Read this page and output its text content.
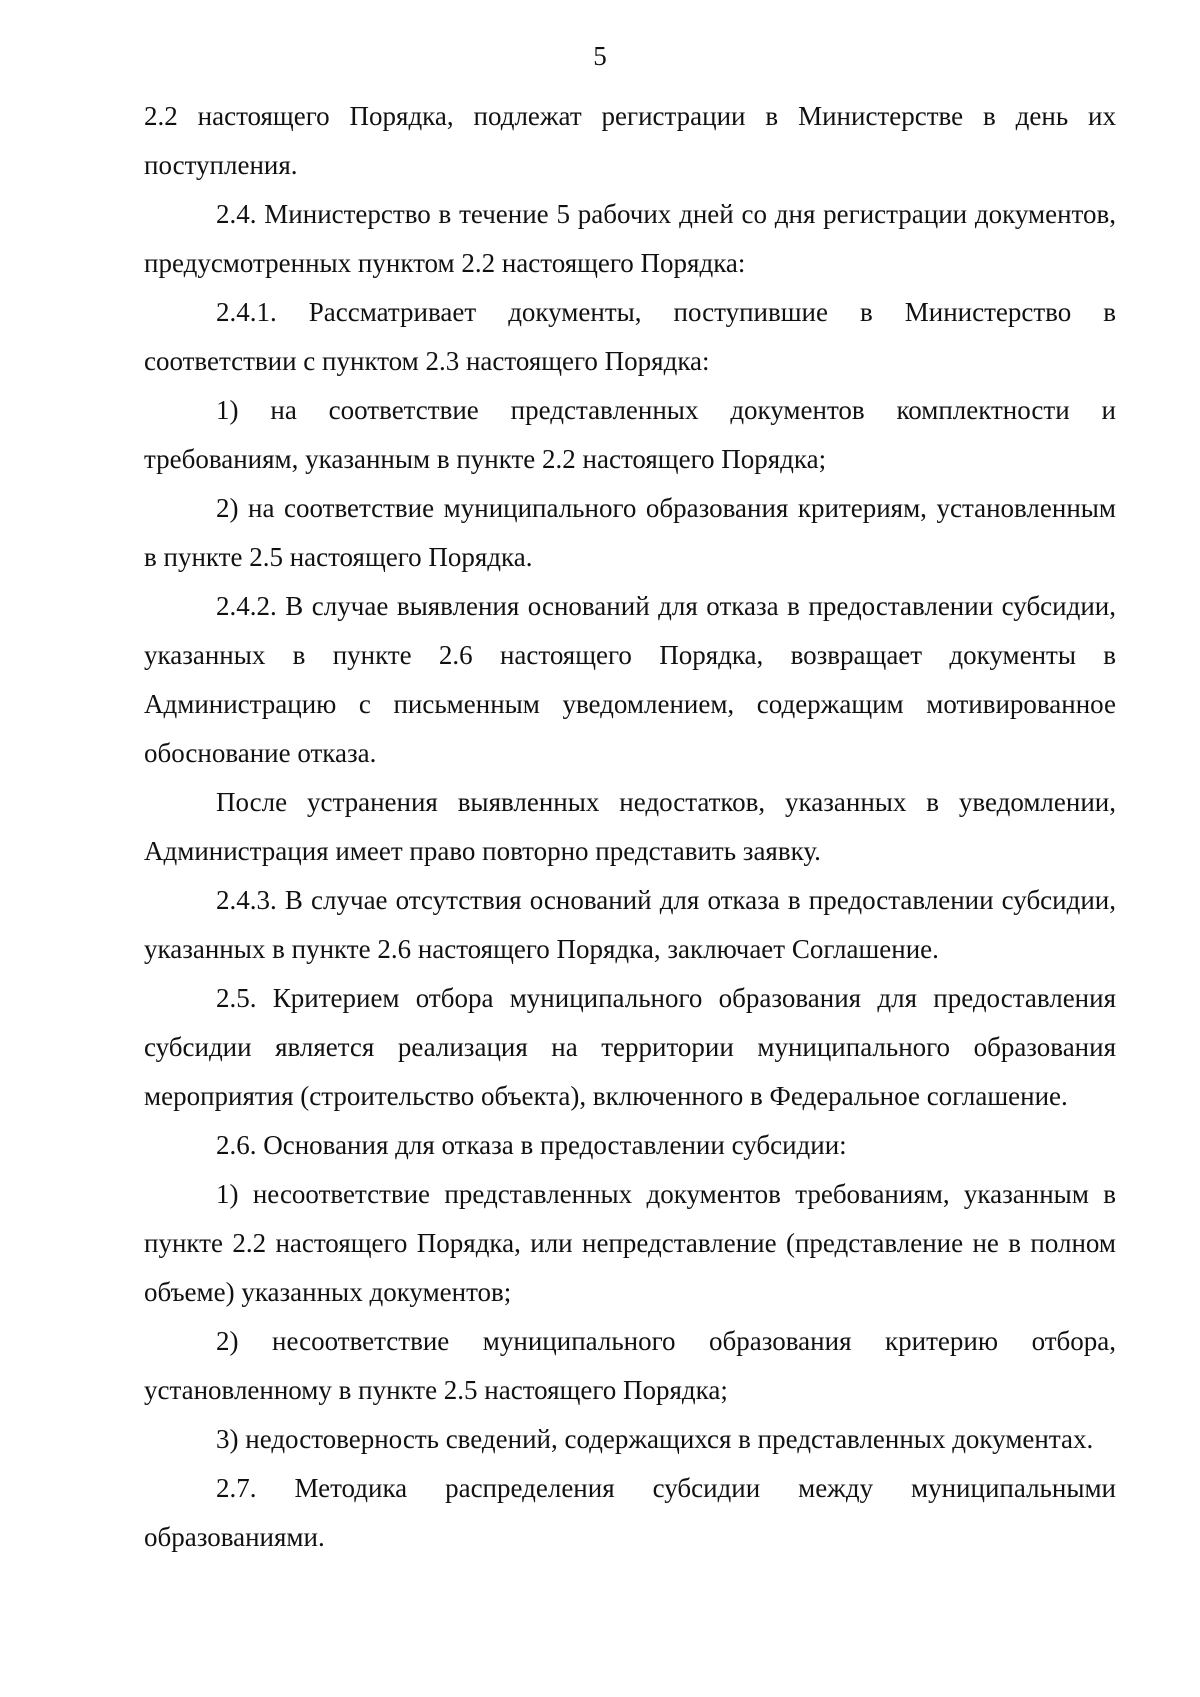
5

2.2 настоящего Порядка, подлежат регистрации в Министерстве в день их поступления.

2.4. Министерство в течение 5 рабочих дней со дня регистрации документов, предусмотренных пунктом 2.2 настоящего Порядка:

2.4.1. Рассматривает документы, поступившие в Министерство в соответствии с пунктом 2.3 настоящего Порядка:

1) на соответствие представленных документов комплектности и требованиям, указанным в пункте 2.2 настоящего Порядка;

2) на соответствие муниципального образования критериям, установленным в пункте 2.5 настоящего Порядка.

2.4.2. В случае выявления оснований для отказа в предоставлении субсидии, указанных в пункте 2.6 настоящего Порядка, возвращает документы в Администрацию с письменным уведомлением, содержащим мотивированное обоснование отказа.

После устранения выявленных недостатков, указанных в уведомлении, Администрация имеет право повторно представить заявку.

2.4.3. В случае отсутствия оснований для отказа в предоставлении субсидии, указанных в пункте 2.6 настоящего Порядка, заключает Соглашение.

2.5. Критерием отбора муниципального образования для предоставления субсидии является реализация на территории муниципального образования мероприятия (строительство объекта), включенного в Федеральное соглашение.

2.6. Основания для отказа в предоставлении субсидии:

1) несоответствие представленных документов требованиям, указанным в пункте 2.2 настоящего Порядка, или непредставление (представление не в полном объеме) указанных документов;

2) несоответствие муниципального образования критерию отбора, установленному в пункте 2.5 настоящего Порядка;

3) недостоверность сведений, содержащихся в представленных документах.

2.7. Методика распределения субсидии между муниципальными образованиями.
